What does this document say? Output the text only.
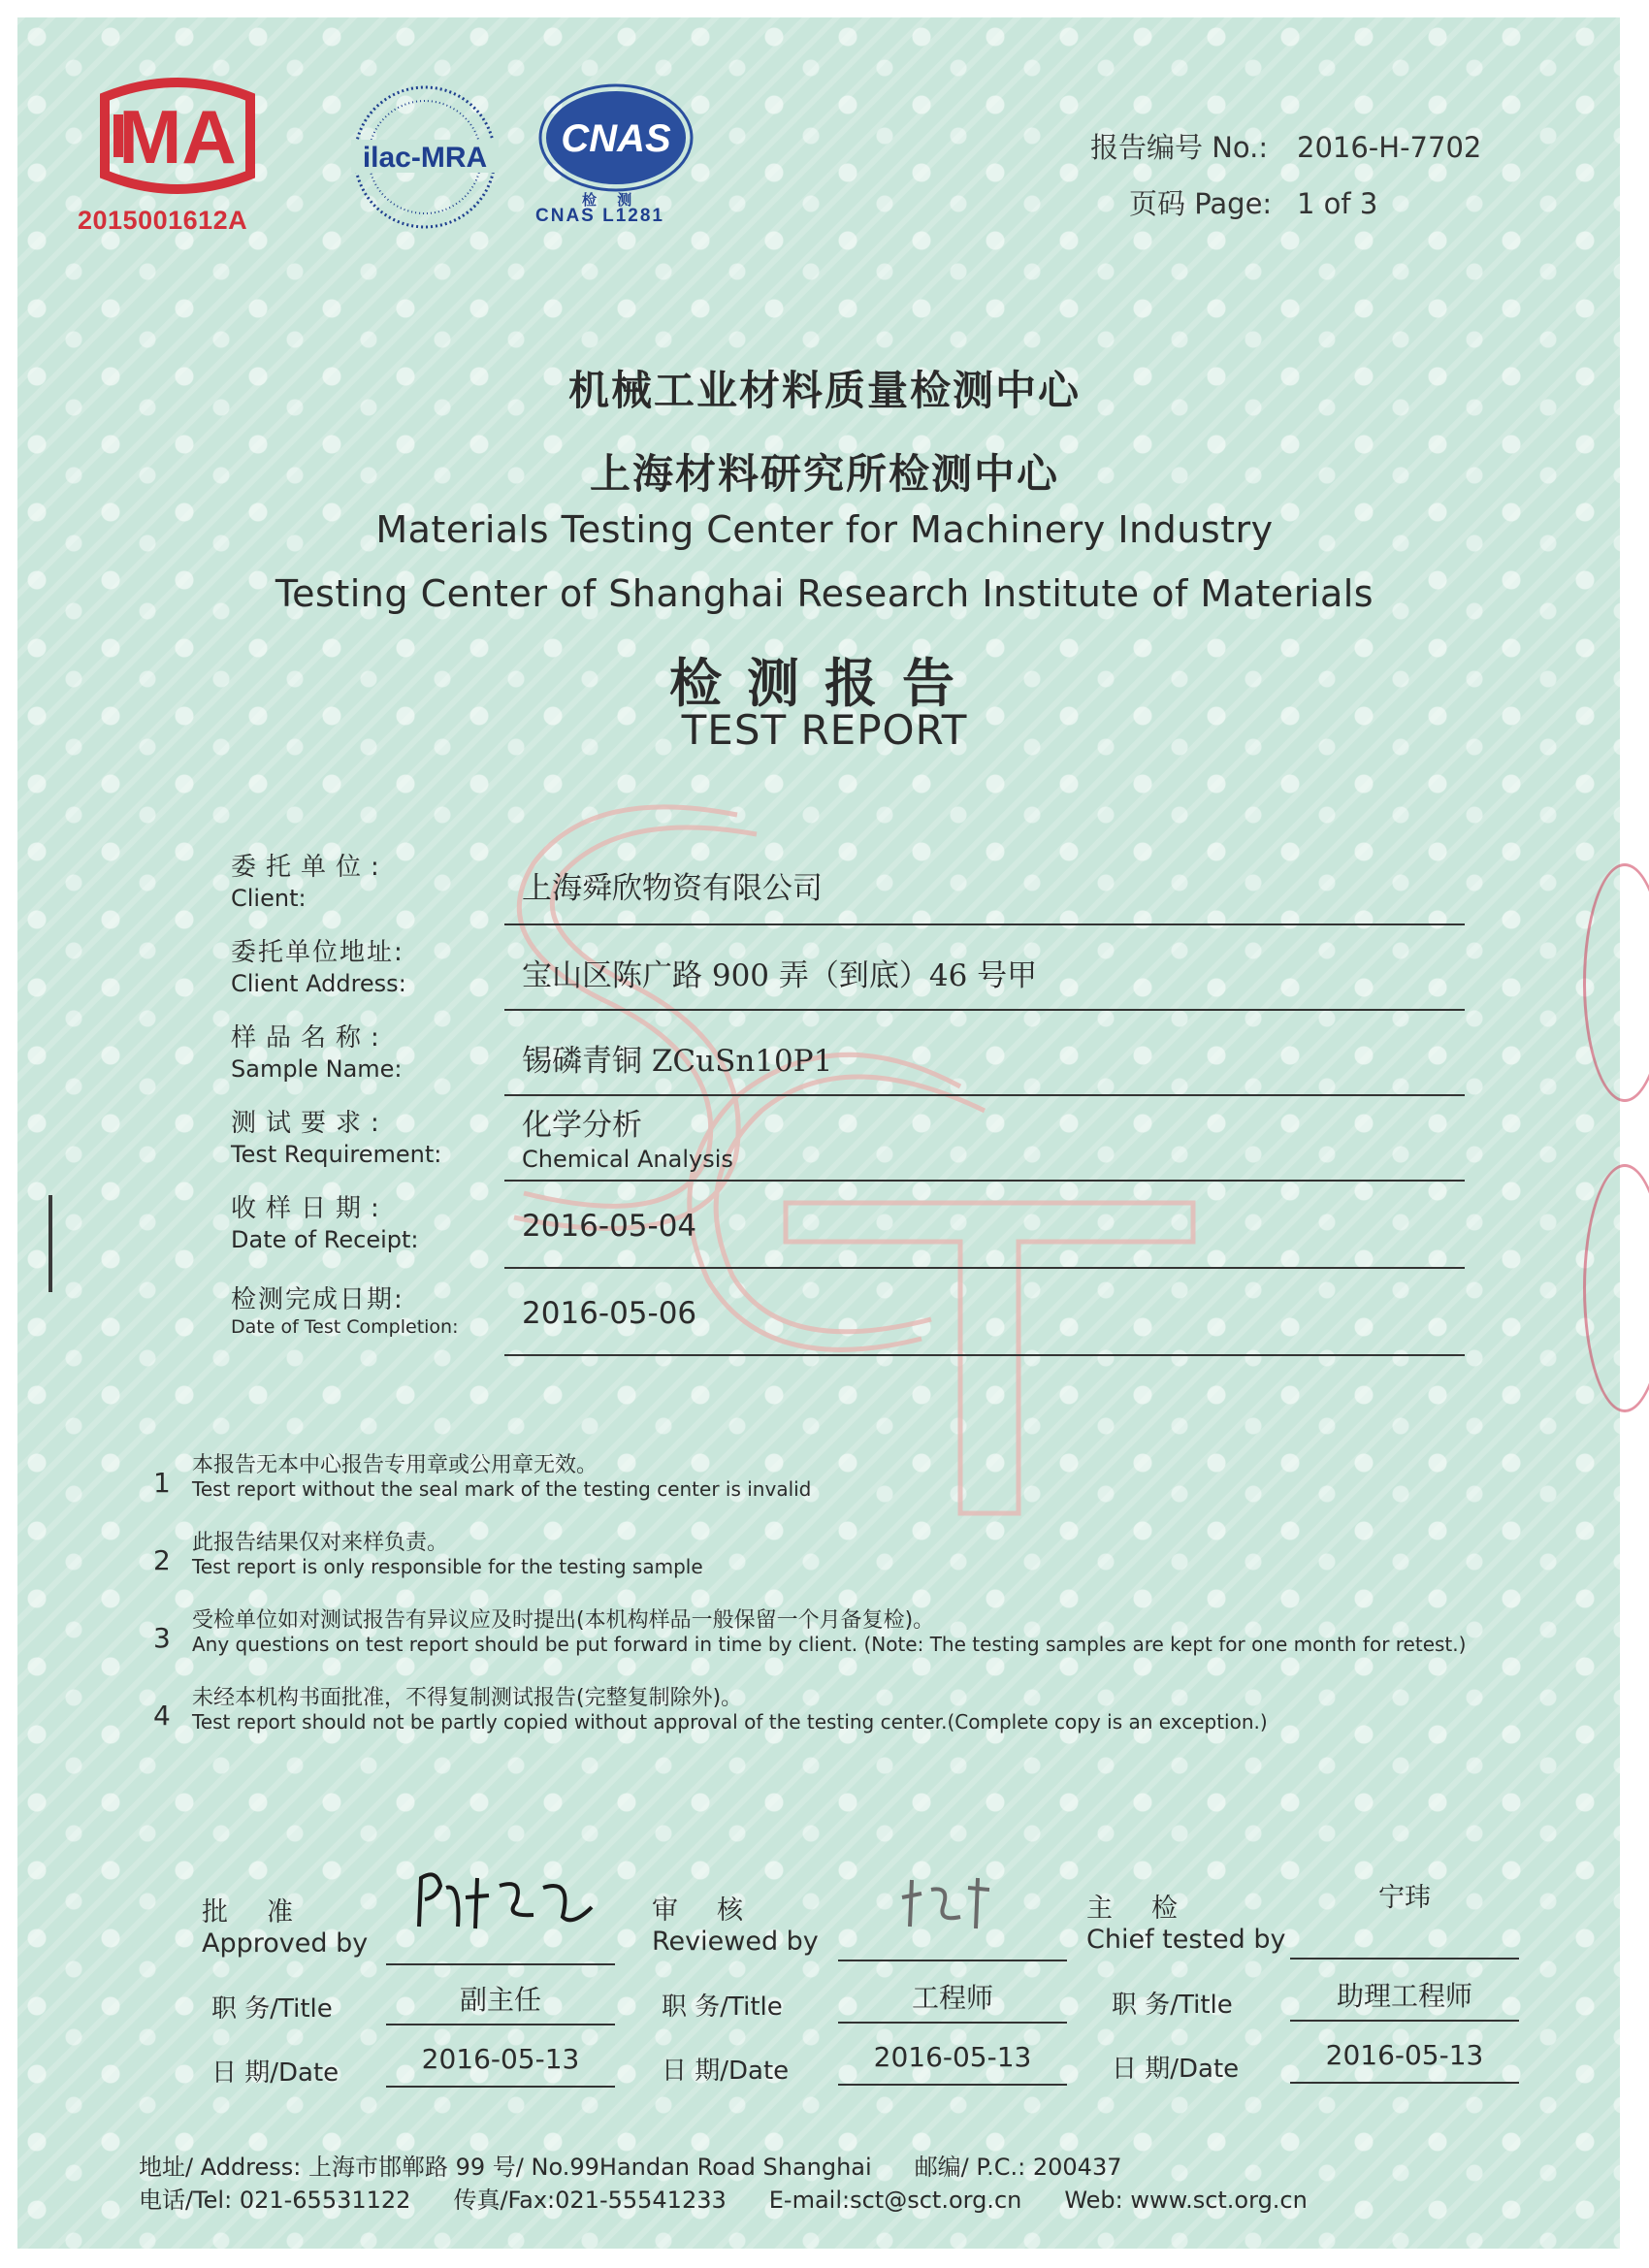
MA
2015001612A
ilac-MRA CNAS
检 测
CNAS L1281
报告编号 No.: 2016-H-7702
页码 Page: 1 of 3
机械工业材料质量检测中心
上海材料研究所检测中心
Materials Testing Center for Machinery Industry
Testing Center of Shanghai Research Institute of Materials
检测报告
TEST REPORT
委托单位:
Client:	上海舜欣物资有限公司
委托单位地址:
Client Address:	宝山区陈广路 900 弄（到底）46 号甲
样品名称:
Sample Name:	锡磷青铜 ZCuSn10P1
测试要求:
Test Requirement:
化学分析
Chemical Analysis
收样日期:
Date of Receipt:	2016-05-04
检测完成日期:
Date of Test Completion: 2016-05-06
1
本报告无本中心报告专用章或公用章无效。
Test report without the seal mark of the testing center is invalid
2
此报告结果仅对来样负责。
Test report is only responsible for the testing sample
3
受检单位如对测试报告有异议应及时提出(本机构样品一般保留一个月备复检)。
Any questions on test report should be put forward in time by client. (Note: The testing samples are kept for one month for retest.)
4
未经本机构书面批准，不得复制测试报告(完整复制除外)。
Test report should not be partly copied without approval of the testing center.(Complete copy is an exception.)
批准
Approved by
职 务/Title	副主任
日 期/Date	2016-05-13
审核
Reviewed by
职 务/Title	工程师
日 期/Date	2016-05-13
主检
Chief tested by
宁玮
职 务/Title	助理工程师
日 期/Date	2016-05-13
地址/ Address: 上海市邯郸路 99 号/ No.99Handan Road Shanghai 邮编/ P.C.: 200437
电话/Tel: 021-65531122 传真/Fax:021-55541233 E-mail:sct@sct.org.cn Web: www.sct.org.cn
